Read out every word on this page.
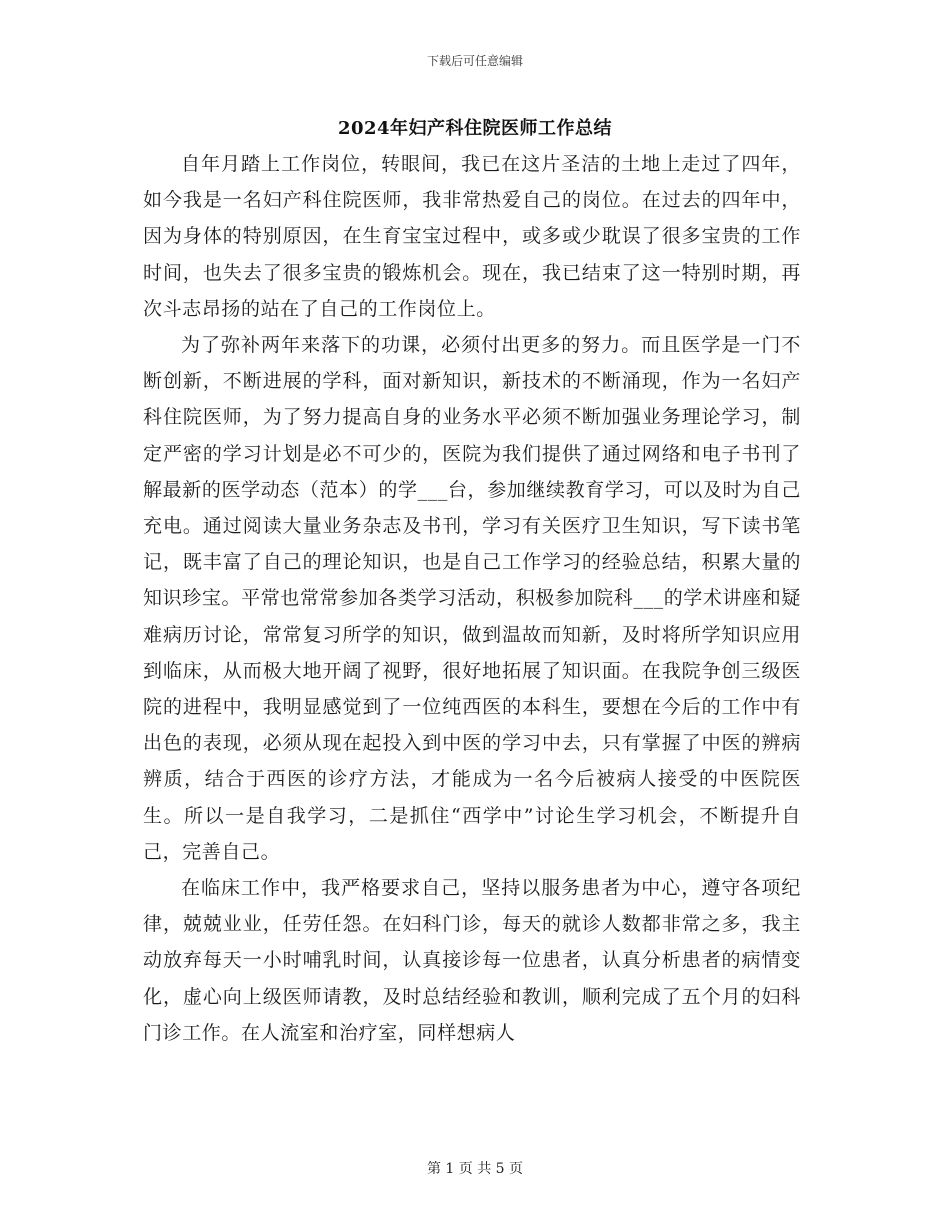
下载后可任意编辑
2024年妇产科住院医师工作总结

自年月踏上工作岗位，转眼间，我已在这片圣洁的土地上走过了四年，如今我是一名妇产科住院医师，我非常热爱自己的岗位。在过去的四年中，因为身体的特别原因，在生育宝宝过程中，或多或少耽误了很多宝贵的工作时间，也失去了很多宝贵的锻炼机会。现在，我已结束了这一特别时期，再次斗志昂扬的站在了自己的工作岗位上。

为了弥补两年来落下的功课，必须付出更多的努力。而且医学是一门不断创新，不断进展的学科，面对新知识，新技术的不断涌现，作为一名妇产科住院医师，为了努力提高自身的业务水平必须不断加强业务理论学习，制定严密的学习计划是必不可少的，医院为我们提供了通过网络和电子书刊了解最新的医学动态（范本）的学___台，参加继续教育学习，可以及时为自己充电。通过阅读大量业务杂志及书刊，学习有关医疗卫生知识，写下读书笔记，既丰富了自己的理论知识，也是自己工作学习的经验总结，积累大量的知识珍宝。平常也常常参加各类学习活动，积极参加院科___的学术讲座和疑难病历讨论，常常复习所学的知识，做到温故而知新，及时将所学知识应用到临床，从而极大地开阔了视野，很好地拓展了知识面。在我院争创三级医院的进程中，我明显感觉到了一位纯西医的本科生，要想在今后的工作中有出色的表现，必须从现在起投入到中医的学习中去，只有掌握了中医的辨病辨质，结合于西医的诊疗方法，才能成为一名今后被病人接受的中医院医生。所以一是自我学习，二是抓住“西学中”讨论生学习机会，不断提升自己，完善自己。

在临床工作中，我严格要求自己，坚持以服务患者为中心，遵守各项纪律，兢兢业业，任劳任怨。在妇科门诊，每天的就诊人数都非常之多，我主动放弃每天一小时哺乳时间，认真接诊每一位患者，认真分析患者的病情变化，虚心向上级医师请教，及时总结经验和教训，顺利完成了五个月的妇科门诊工作。在人流室和治疗室，同样想病人

第 1 页 共 5 页
